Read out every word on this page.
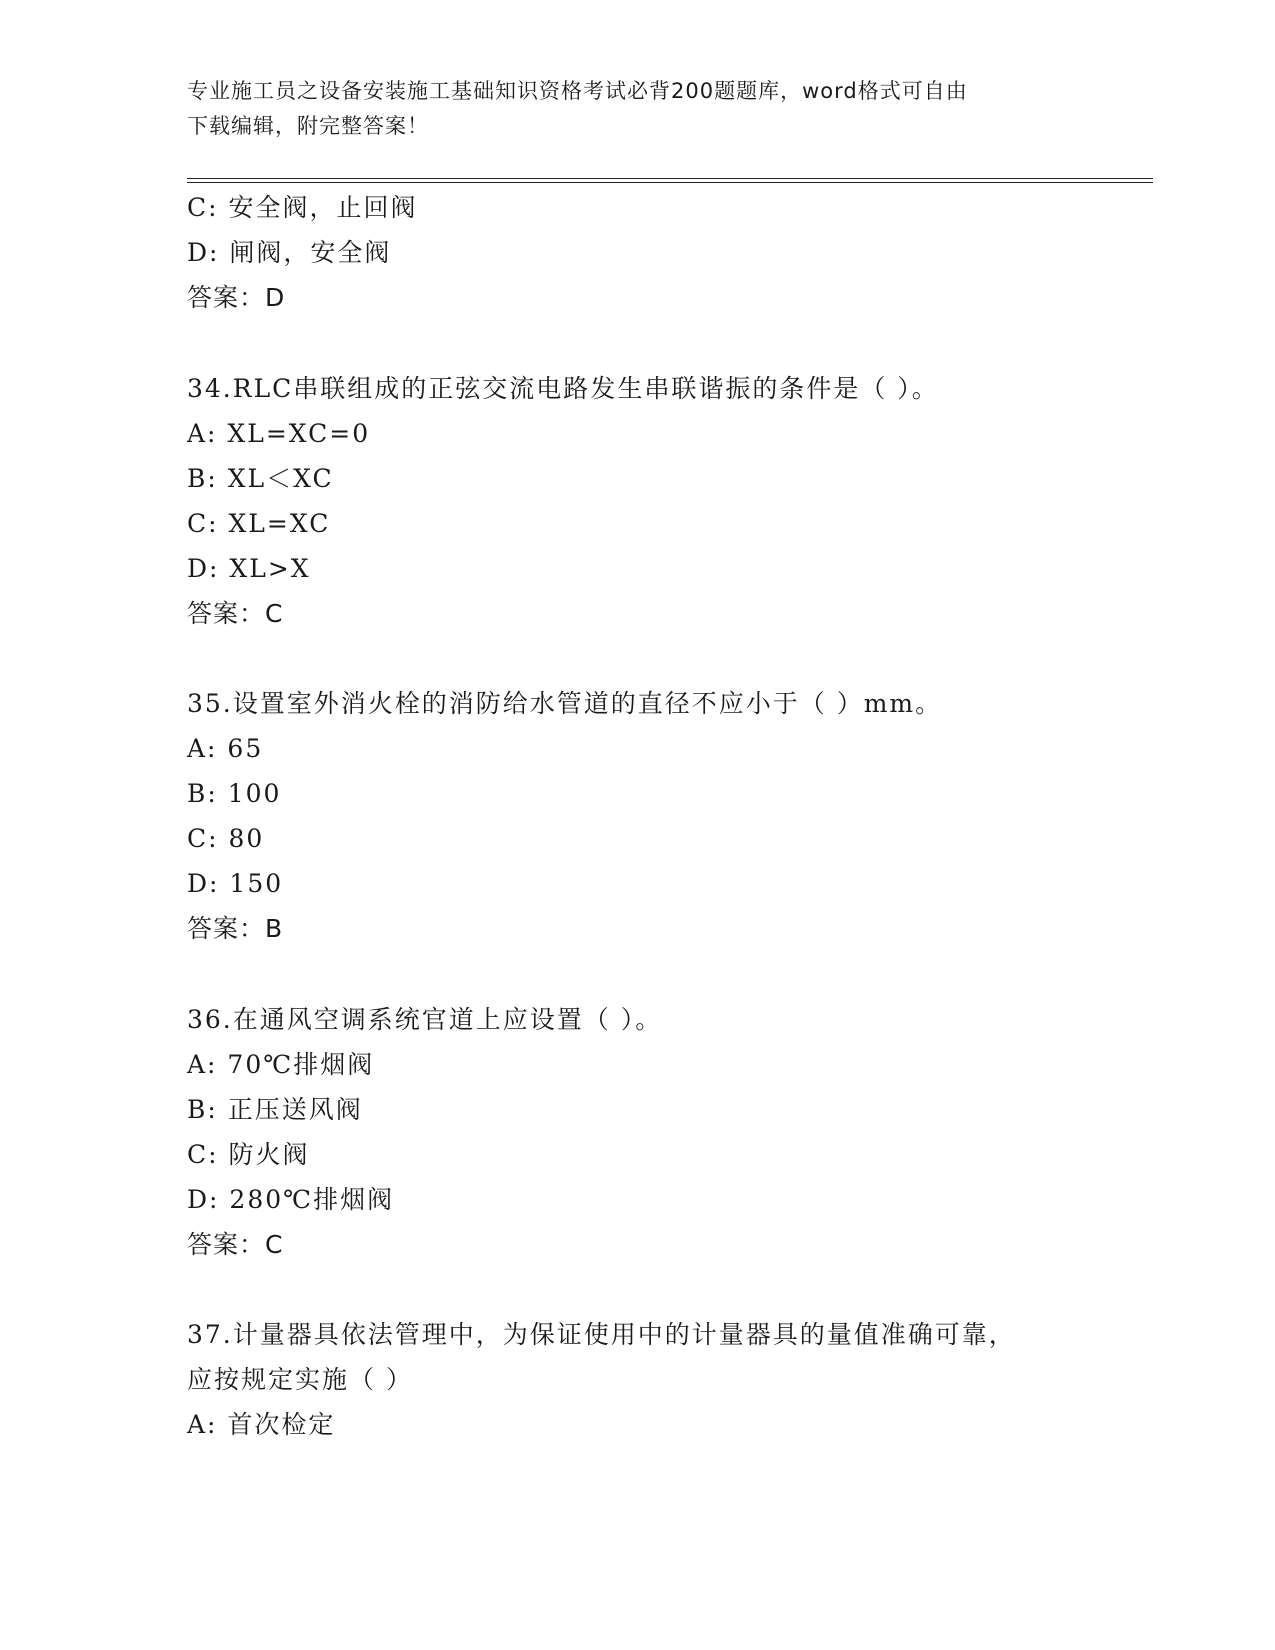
专业施工员之设备安装施工基础知识资格考试必背200题题库，word格式可自由
下载编辑，附完整答案！
C: 安全阀，止回阀
D: 闸阀，安全阀
答案：D
34.RLC串联组成的正弦交流电路发生串联谐振的条件是（ ）。
A: XL=XC=0
B: XL＜XC
C: XL=XC
D: XL>X
答案：C
35.设置室外消火栓的消防给水管道的直径不应小于（ ）mm。
A: 65
B: 100
C: 80
D: 150
答案：B
36.在通风空调系统官道上应设置（ ）。
A: 70℃排烟阀
B: 正压送风阀
C: 防火阀
D: 280℃排烟阀
答案：C
37.计量器具依法管理中，为保证使用中的计量器具的量值准确可靠，
应按规定实施（ ）
A: 首次检定
